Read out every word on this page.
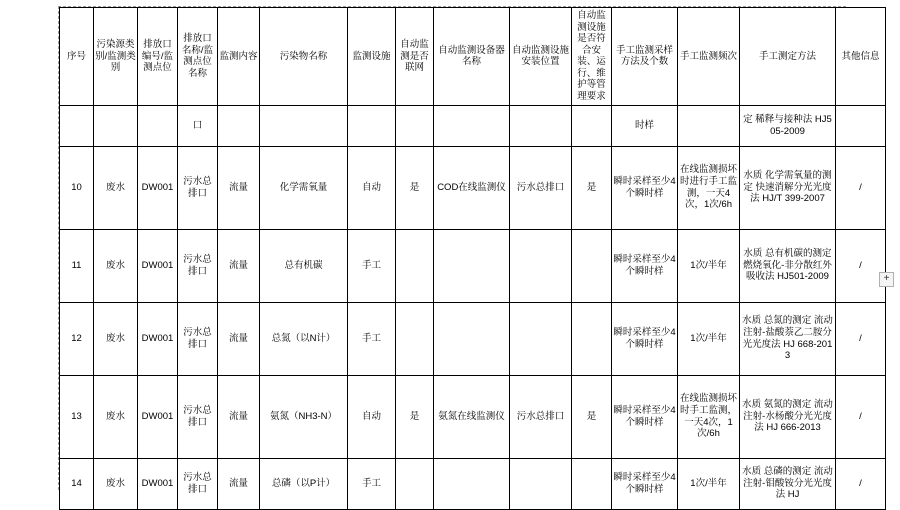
序号	污染源类别/监测类别	排放口编号/监测点位	排放口名称/监测点位名称	监测内容	污染物名称	监测设施	自动监测是否联网	自动监测设备器名称	自动监测设施安装位置	自动监测设施是否符合安装、运行、维护等管理要求	手工监测采样方法及个数	手工监测频次	手工测定方法	其他信息
			口								时样		定 稀释与接种法 HJ505-2009	
10	废水	DW001	污水总排口	流量	化学需氧量	自动	是	COD在线监测仪	污水总排口	是	瞬时采样至少4个瞬时样	在线监测损坏时进行手工监测，一天4次，1次/6h	水质 化学需氧量的测定 快速消解分光光度法 HJ/T 399-2007	/
11	废水	DW001	污水总排口	流量	总有机碳	手工					瞬时采样至少4个瞬时样	1次/半年	水质 总有机碳的测定 燃烧氧化-非分散红外吸收法 HJ501-2009	/
12	废水	DW001	污水总排口	流量	总氮（以N计）	手工					瞬时采样至少4个瞬时样	1次/半年	水质 总氮的测定 流动注射-盐酸萘乙二胺分光光度法 HJ 668-2013	/
13	废水	DW001	污水总排口	流量	氨氮（NH3-N）	自动	是	氨氮在线监测仪	污水总排口	是	瞬时采样至少4个瞬时样	在线监测损坏时手工监测，一天4次，1次/6h	水质 氨氮的测定 流动注射-水杨酸分光光度法 HJ 666-2013	/
14	废水	DW001	污水总排口	流量	总磷（以P计）	手工					瞬时采样至少4个瞬时样	1次/半年	水质 总磷的测定 流动注射-钼酸铵分光光度法 HJ	/
+
